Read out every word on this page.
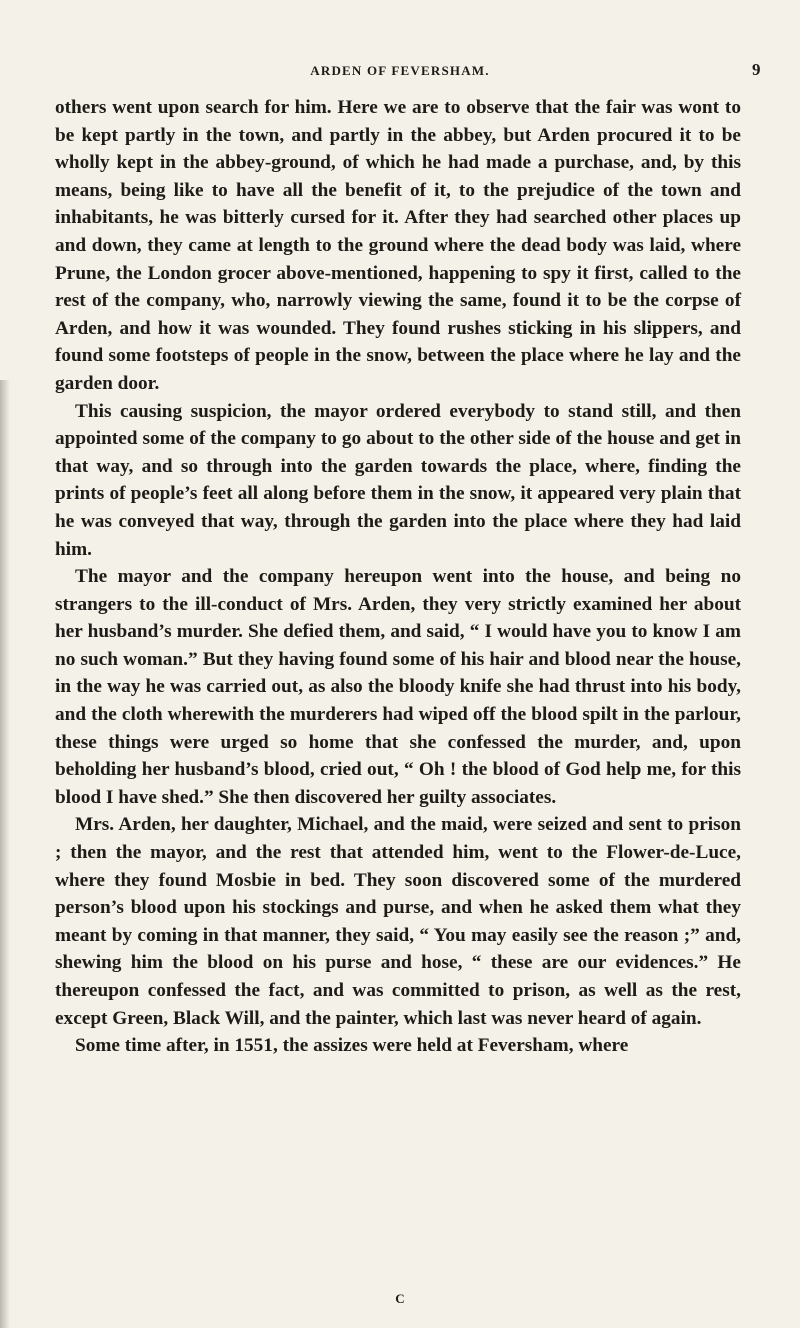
ARDEN OF FEVERSHAM.	9

others went upon search for him. Here we are to observe that the fair was wont to be kept partly in the town, and partly in the abbey, but Arden procured it to be wholly kept in the abbey-ground, of which he had made a purchase, and, by this means, being like to have all the benefit of it, to the prejudice of the town and inhabitants, he was bitterly cursed for it. After they had searched other places up and down, they came at length to the ground where the dead body was laid, where Prune, the London grocer above-mentioned, happening to spy it first, called to the rest of the company, who, narrowly viewing the same, found it to be the corpse of Arden, and how it was wounded. They found rushes sticking in his slippers, and found some footsteps of people in the snow, between the place where he lay and the garden door.

This causing suspicion, the mayor ordered everybody to stand still, and then appointed some of the company to go about to the other side of the house and get in that way, and so through into the garden towards the place, where, finding the prints of people’s feet all along before them in the snow, it appeared very plain that he was conveyed that way, through the garden into the place where they had laid him.

The mayor and the company hereupon went into the house, and being no strangers to the ill-conduct of Mrs. Arden, they very strictly examined her about her husband’s murder. She defied them, and said, “ I would have you to know I am no such woman.” But they having found some of his hair and blood near the house, in the way he was carried out, as also the bloody knife she had thrust into his body, and the cloth wherewith the murderers had wiped off the blood spilt in the parlour, these things were urged so home that she confessed the murder, and, upon beholding her husband’s blood, cried out, “ Oh ! the blood of God help me, for this blood I have shed.” She then discovered her guilty associates.

Mrs. Arden, her daughter, Michael, and the maid, were seized and sent to prison ; then the mayor, and the rest that attended him, went to the Flower-de-Luce, where they found Mosbie in bed. They soon discovered some of the murdered person’s blood upon his stockings and purse, and when he asked them what they meant by coming in that manner, they said, “ You may easily see the reason ;” and, shewing him the blood on his purse and hose, “ these are our evidences.” He thereupon confessed the fact, and was committed to prison, as well as the rest, except Green, Black Will, and the painter, which last was never heard of again.

Some time after, in 1551, the assizes were held at Feversham, where

C
